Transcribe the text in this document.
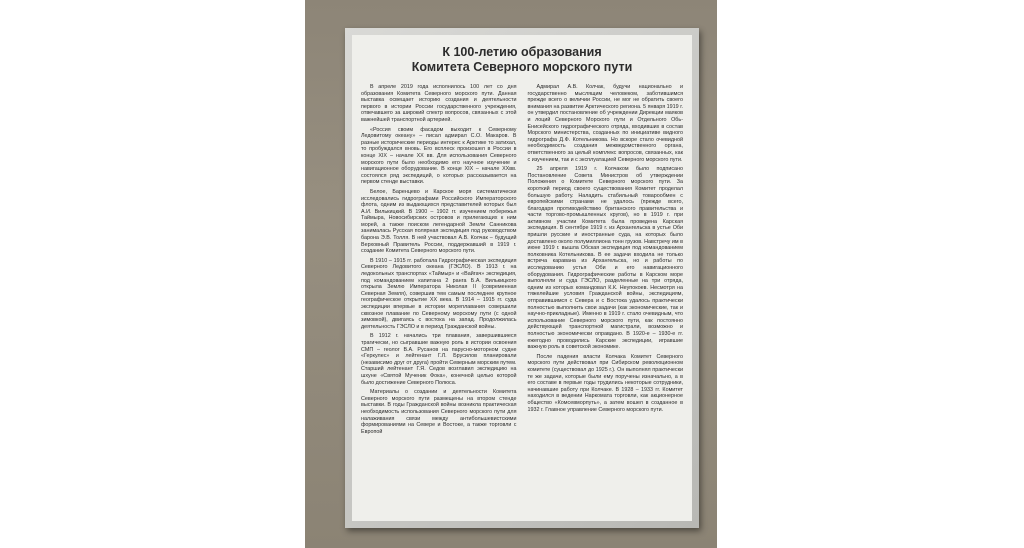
К 100-летию образования
Комитета Северного морского пути

В апреле 2019 года исполнилось 100 лет со дня образования Комитета Северного морского пути. Данная выставка освещает историю создания и деятельности первого в истории России государственного учреждения, отвечавшего за широкий спектр вопросов, связанных с этой важнейшей транспортной артерией.

«Россия своим фасадом выходит к Северному Ледовитому океану» – писал адмирал С.О. Макаров. В разные исторические периоды интерес к Арктике то затихал, то пробуждался вновь. Его всплеск произошел в России в конце XIX – начале XX вв. Для использования Северного морского пути было необходимо его научное изучение и навигационное оборудование. В конце XIX – начале XXвв. состоялся ряд экспедиций, о которых рассказывается на первом стенде выставки.

Белое, Баренцево и Карское моря систематически исследовались гидрографами Российского Императорского флота, одним из выдающихся представителей которых был А.И. Вилькицкий. В 1900 – 1902 гг. изучением побережья Таймыра, Новосибирских островов и прилегающих к ним морей, а также поиском легендарной Земли Санникова занималась Русская полярная экспедиция под руководством барона Э.В. Толля. В ней участвовал А.В. Колчак – будущий Верховный Правитель России, поддержавший в 1919 г. создание Комитета Северного морского пути.

В 1910 – 1915 гг. работала Гидрографическая экспедиция Северного Ледовитого океана (ГЭСЛО). В 1913 г. на ледокольных транспортах «Таймыр» и «Вайгач» экспедиция, под командованием капитана 2 ранга Б.А. Вилькицкого открыла Землю Императора Николая II (современная Северная Земля), совершив тем самым последнее крупное географическое открытие XX века. В 1914 – 1915 гг. суда экспедиции впервые в истории мореплавания совершили сквозное плавание по Северному морскому пути (с одной зимовкой), двигаясь с востока на запад. Продолжилась деятельность ГЭСЛО и в период Гражданской войны.

В 1912 г. начались три плавания, завершившиеся трагически, но сыгравшие важную роль в истории освоения СМП – геолог В.А. Русанов на парусно-моторном судне «Геркулес» и лейтенант Г.Л. Брусилов планировали (независимо друг от друга) пройти Северным морским путем. Старший лейтенант Г.Я. Седов возглавил экспедицию на шхуне «Святой Мученик Фока», конечной целью которой было достижение Северного Полюса.

Материалы о создании и деятельности Комитета Северного морского пути размещены на втором стенде выставки. В годы Гражданской войны возникла практическая необходимость использования Северного морского пути для налаживания связи между антибольшевистскими формированиями на Севере и Востоке, а также торговли с Европой

Адмирал А.В. Колчак, будучи национально и государственно мыслящим человеком, заботившимся прежде всего о величии России, не мог не обратить своего внимания на развитие Арктического региона. 5 января 1919 г. он утвердил постановление об учреждении Дирекции маяков и лоций Северного Морского пути и Отдельного Обь-Енисейского гидрографического отряда, входивших в состав Морского министерства, созданных по инициативе видного гидрографа Д.Ф. Котельникова. Но вскоре стало очевидной необходимость создания межведомственного органа, ответственного за целый комплекс вопросов, связанных, как с изучением, так и с эксплуатацией Северного морского пути.

25 апреля 1919 г. Колчаком было подписано Постановление Совета Министров об утверждении Положения о Комитете Северного морского пути. За короткий период своего существования Комитет проделал большую работу. Наладить стабильный товарообмен с европейскими странами не удалось (прежде всего, благодаря противодействию британского правительства и части торгово-промышленных кругов), но в 1919 г. при активном участии Комитета была проведена Карская экспедиция. В сентябре 1919 г. из Архангельска в устье Оби пришли русские и иностранные суда, на которых было доставлено около полумиллиона тонн грузов. Навстречу им в июне 1919 г. вышла Обская экспедиция под командованием полковника Котельникова. В ее задачи входила не только встреча каравана из Архангельска, но и работы по исследованию устья Оби и его навигационного оборудования. Гидрографические работы в Карском море выполняли и суда ГЭСЛО, разделенные на три отряда, одним из которых командовал К.К. Неупокоев. Несмотря на тяжелейшие условия Гражданской войны, экспедициям, отправившимся с Севера и с Востока удалось практически полностью выполнить свои задачи (как экономические, так и научно-прикладные). Именно в 1919 г. стало очевидным, что использование Северного морского пути, как постоянно действующей транспортной магистрали, возможно и полностью экономически оправдано. В 1920-е – 1930-е гг. ежегодно проводились Карские экспедиции, игравшие важную роль в советской экономике.

После падения власти Колчака Комитет Северного морского пути действовал при Сибирском революционном комитете (существовал до 1925 г.). Он выполнял практически те же задачи, которые были ему поручены изначально, а в его составе в первые годы трудились некоторые сотрудники, начинавшие работу при Колчаке. В 1928 – 1933 гг. Комитет находился в ведении Наркомата торговли, как акционерное общество «Комсевморпуть», а затем вошел в созданное в 1932 г. Главное управление Северного морского пути.
